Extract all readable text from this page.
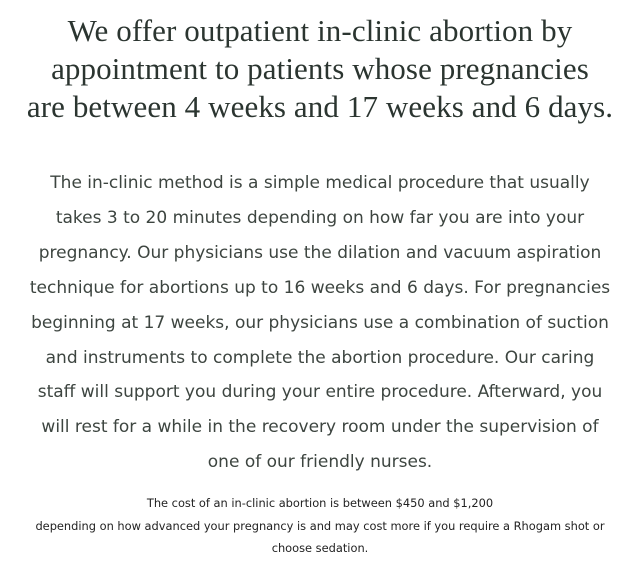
We offer outpatient in-clinic abortion by
appointment to patients whose pregnancies
are between 4 weeks and 17 weeks and 6 days.

The in-clinic method is a simple medical procedure that usually
takes 3 to 20 minutes depending on how far you are into your
pregnancy. Our physicians use the dilation and vacuum aspiration
technique for abortions up to 16 weeks and 6 days. For pregnancies
beginning at 17 weeks, our physicians use a combination of suction
and instruments to complete the abortion procedure. Our caring
staff will support you during your entire procedure. Afterward, you
will rest for a while in the recovery room under the supervision of
one of our friendly nurses.

The cost of an in-clinic abortion is between $450 and $1,200
depending on how advanced your pregnancy is and may cost more if you require a Rhogam shot or
choose sedation.
